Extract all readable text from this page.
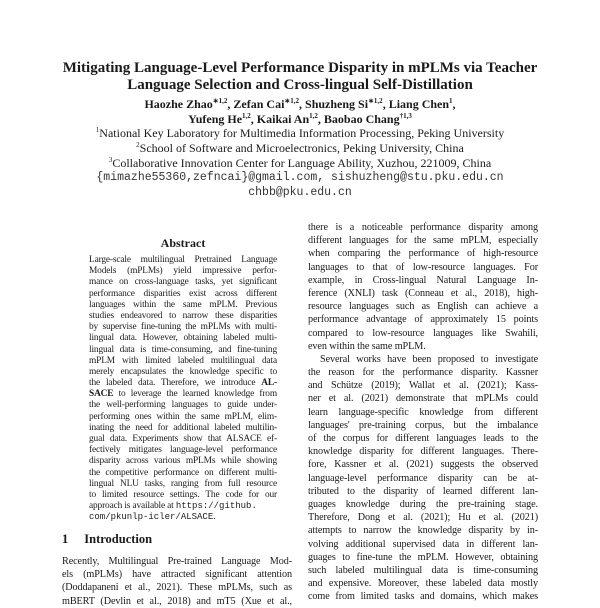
Mitigating Language-Level Performance Disparity in mPLMs via Teacher
Language Selection and Cross-lingual Self-Distillation
Haozhe Zhao$^{∗1,2}$, Zefan Cai$^{∗1,2}$, Shuzheng $Si^{∗1,2}$, Liang Chen$^1$,
Yufeng He$^{1,2}$, Kaikai An$^{1,2}$, Baobao Chang$^{\dagger 1,3}$
$^1$National Key Laboratory for Multimedia Information Processing, Peking University
$^2$School of Software and Microelectronics, Peking University, China
$^3$Collaborative Innovation Center for Language Ability, Xuzhou, 221009, China
{mimazhe55360,zefncai}@gmail.com, sishuzheng@stu.pku.edu.cn
chbb@pku.edu.cn
Abstract
Large-scale multilingual Pretrained Language
Models (mPLMs) yield impressive perfor-
mance on cross-language tasks, yet significant
performance disparities exist across different
languages within the same mPLM. Previous
studies endeavored to narrow these disparities
by supervise fine-tuning the mPLMs with multi-
lingual data. However, obtaining labeled multi-
lingual data is time-consuming, and fine-tuning
mPLM with limited labeled multilingual data
merely encapsulates the knowledge specific to
the labeled data. Therefore, we introduce AL-
SACE to leverage the learned knowledge from
the well-performing languages to guide under-
performing ones within the same mPLM, elim-
inating the need for additional labeled multilin-
gual data. Experiments show that ALSACE ef-
fectively mitigates language-level performance
disparity across various mPLMs while showing
the competitive performance on different multi-
lingual NLU tasks, ranging from full resource
to limited resource settings. The code for our
approach is available at https://github.
com/pkunlp-icler/ALSACE.
1 Introduction
Recently, Multilingual Pre-trained Language Mod-
els (mPLMs) have attracted significant attention
(Doddapaneni et al., 2021). These mPLMs, such as
mBERT (Devlin et al., 2018) and mT5 (Xue et al.,
there is a noticeable performance disparity among
different languages for the same mPLM, especially
when comparing the performance of high-resource
languages to that of low-resource languages. For
example, in Cross-lingual Natural Language In-
ference (XNLI) task (Conneau et al., 2018), high-
resource languages such as English can achieve a
performance advantage of approximately 15 points
compared to low-resource languages like Swahili,
even within the same mPLM.
Several works have been proposed to investigate
the reason for the performance disparity. Kassner
and Schütze (2019); Wallat et al. (2021); Kass-
ner et al. (2021) demonstrate that mPLMs could
learn language-specific knowledge from different
languages' pre-training corpus, but the imbalance
of the corpus for different languages leads to the
knowledge disparity for different languages. There-
fore, Kassner et al. (2021) suggests the observed
language-level performance disparity can be at-
tributed to the disparity of learned different lan-
guages knowledge during the pre-training stage.
Therefore, Dong et al. (2021); Hu et al. (2021)
attempts to narrow the knowledge disparity by in-
volving additional supervised data in different lan-
guages to fine-tune the mPLM. However, obtaining
such labeled multilingual data is time-consuming
and expensive. Moreover, these labeled data mostly
come from limited tasks and domains, which makes
